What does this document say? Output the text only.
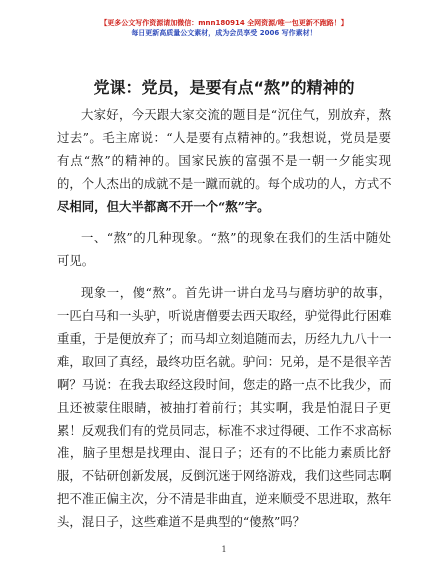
【更多公文写作资源请加微信：mnn180914 全网资源/唯一包更新不跑路！】
每日更新高质量公文素材，成为会员享受 2006 写作素材！
党课：党员，是要有点“熬”的精神的
大家好，今天跟大家交流的题目是“沉住气，别放弃，熬
过去”。毛主席说：“人是要有点精神的。”我想说，党员是要
有点“熬”的精神的。国家民族的富强不是一朝一夕能实现
的，个人杰出的成就不是一蹴而就的。每个成功的人，方式不
尽相同，但大半都离不开一个“熬”字。
一、“熬”的几种现象。“熬”的现象在我们的生活中随处
可见。
现象一，傻“熬”。首先讲一讲白龙马与磨坊驴的故事，
一匹白马和一头驴，听说唐僧要去西天取经，驴觉得此行困难
重重，于是便放弃了；而马却立刻追随而去，历经九九八十一
难，取回了真经，最终功臣名就。驴问：兄弟，是不是很辛苦
啊？马说：在我去取经这段时间，您走的路一点不比我少，而
且还被蒙住眼睛，被抽打着前行；其实啊，我是怕混日子更
累！反观我们有的党员同志，标准不求过得硬、工作不求高标
准，脑子里想是找理由、混日子；还有的不比能力素质比舒
服，不钻研创新发展，反倒沉迷于网络游戏，我们这些同志啊
把不准正偏主次，分不清是非曲直，逆来顺受不思进取，熬年
头，混日子，这些难道不是典型的“傻熬”吗？
1
